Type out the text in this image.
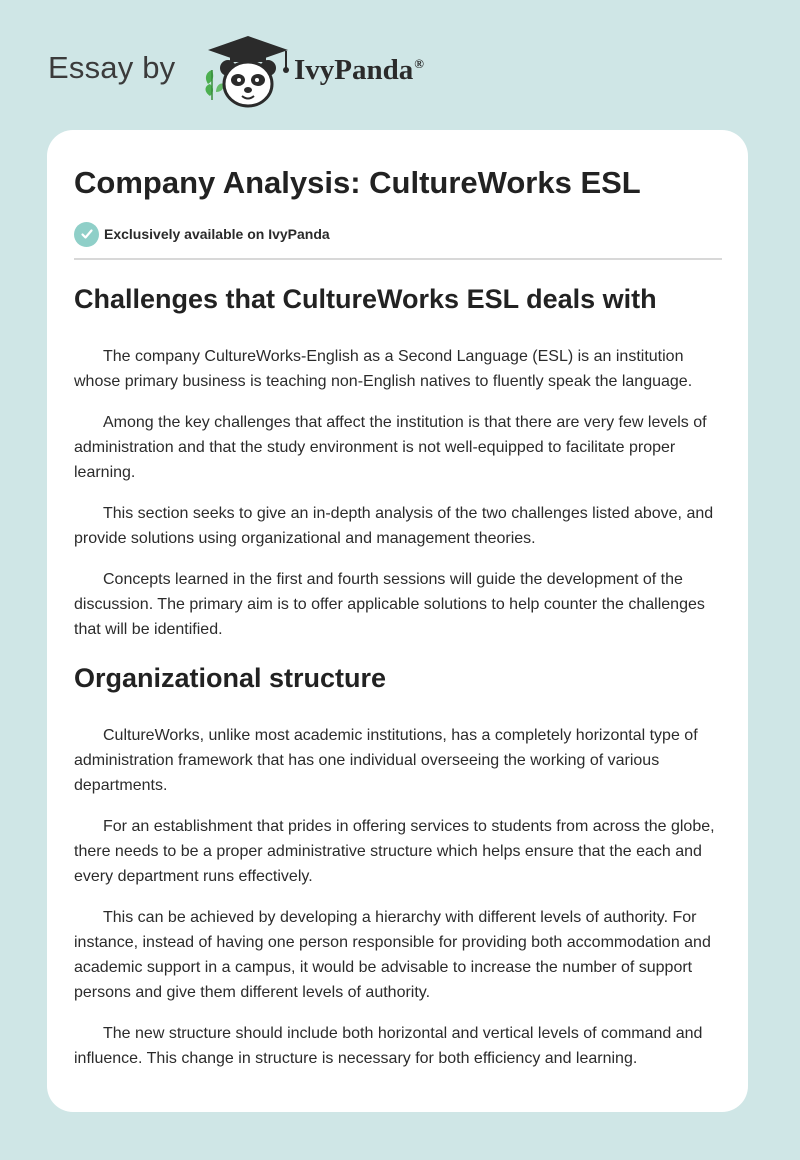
Essay by	IvyPanda®
Company Analysis: CultureWorks ESL
Exclusively available on IvyPanda
Challenges that CultureWorks ESL deals with

The company CultureWorks-English as a Second Language (ESL) is an institution whose primary business is teaching non-English natives to fluently speak the language.

Among the key challenges that affect the institution is that there are very few levels of administration and that the study environment is not well-equipped to facilitate proper learning.

This section seeks to give an in-depth analysis of the two challenges listed above, and provide solutions using organizational and management theories.

Concepts learned in the first and fourth sessions will guide the development of the discussion. The primary aim is to offer applicable solutions to help counter the challenges that will be identified.

Organizational structure

CultureWorks, unlike most academic institutions, has a completely horizontal type of administration framework that has one individual overseeing the working of various departments.

For an establishment that prides in offering services to students from across the globe, there needs to be a proper administrative structure which helps ensure that the each and every department runs effectively.

This can be achieved by developing a hierarchy with different levels of authority. For instance, instead of having one person responsible for providing both accommodation and academic support in a campus, it would be advisable to increase the number of support persons and give them different levels of authority.

The new structure should include both horizontal and vertical levels of command and influence. This change in structure is necessary for both efficiency and learning.
